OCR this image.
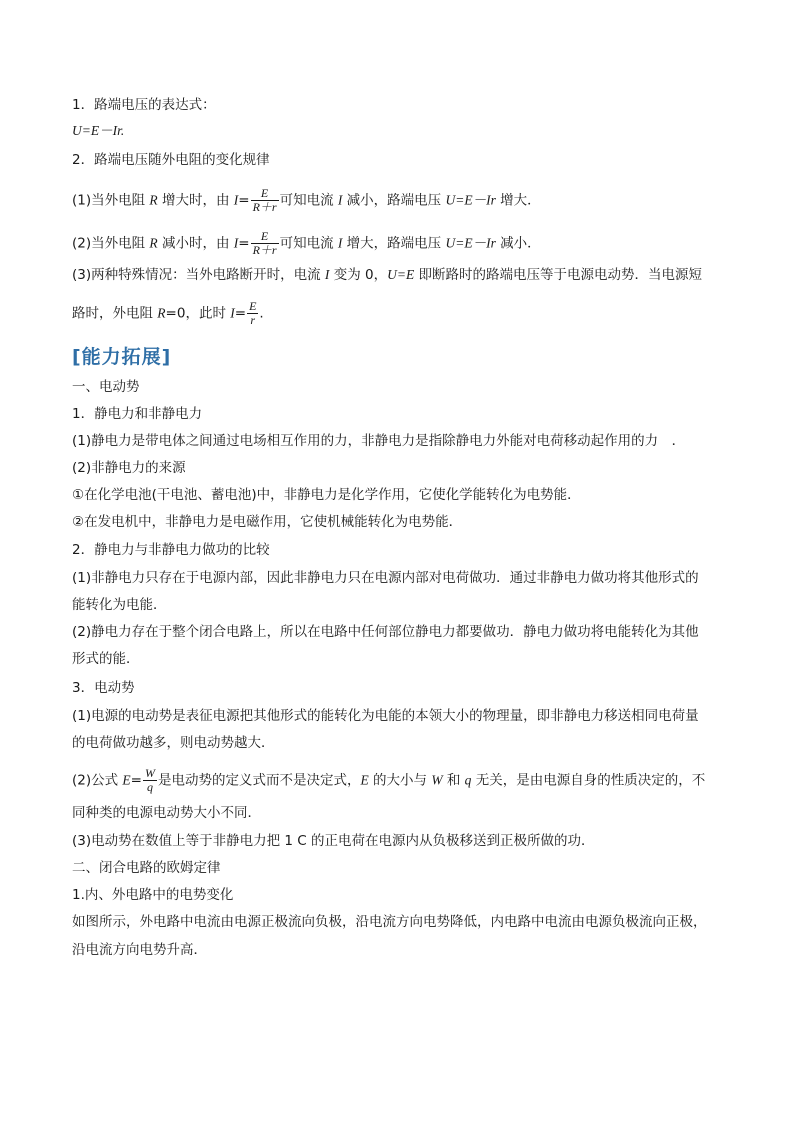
1．路端电压的表达式：
U=E－Ir.
2．路端电压随外电阻的变化规律
(1)当外电阻 R 增大时，由 $I= \frac{E}{R+r}$ 可知电流 I 减小，路端电压 U=E－Ir 增大．
(2)当外电阻 R 减小时，由 $I= \frac{E}{R+r}$ 可知电流 I 增大，路端电压 U=E－Ir 减小．
(3)两种特殊情况：当外电路断开时，电流 I 变为 0，U=E 即断路时的路端电压等于电源电动势．当电源短
路时，外电阻 R=0，此时 $I= \frac{E}{r}$ .
[能力拓展]
一、电动势
1．静电力和非静电力
(1)静电力是带电体之间通过电场相互作用的力，非静电力是指除静电力外能对电荷移动起作用的力　．
(2)非静电力的来源
①在化学电池(干电池、蓄电池)中，非静电力是化学作用，它使化学能转化为电势能．
②在发电机中，非静电力是电磁作用，它使机械能转化为电势能．
2．静电力与非静电力做功的比较
(1)非静电力只存在于电源内部，因此非静电力只在电源内部对电荷做功．通过非静电力做功将其他形式的
能转化为电能．
(2)静电力存在于整个闭合电路上，所以在电路中任何部位静电力都要做功．静电力做功将电能转化为其他
形式的能．
3．电动势
(1)电源的电动势是表征电源把其他形式的能转化为电能的本领大小的物理量，即非静电力移送相同电荷量
的电荷做功越多，则电动势越大．
(2)公式 $E= \frac{W}{q}$ 是电动势的定义式而不是决定式，E 的大小与 W 和 q 无关，是由电源自身的性质决定的，不
同种类的电源电动势大小不同．
(3)电动势在数值上等于非静电力把 1 C 的正电荷在电源内从负极移送到正极所做的功．
二、闭合电路的欧姆定律
1.内、外电路中的电势变化
如图所示，外电路中电流由电源正极流向负极，沿电流方向电势降低，内电路中电流由电源负极流向正极，
沿电流方向电势升高．
